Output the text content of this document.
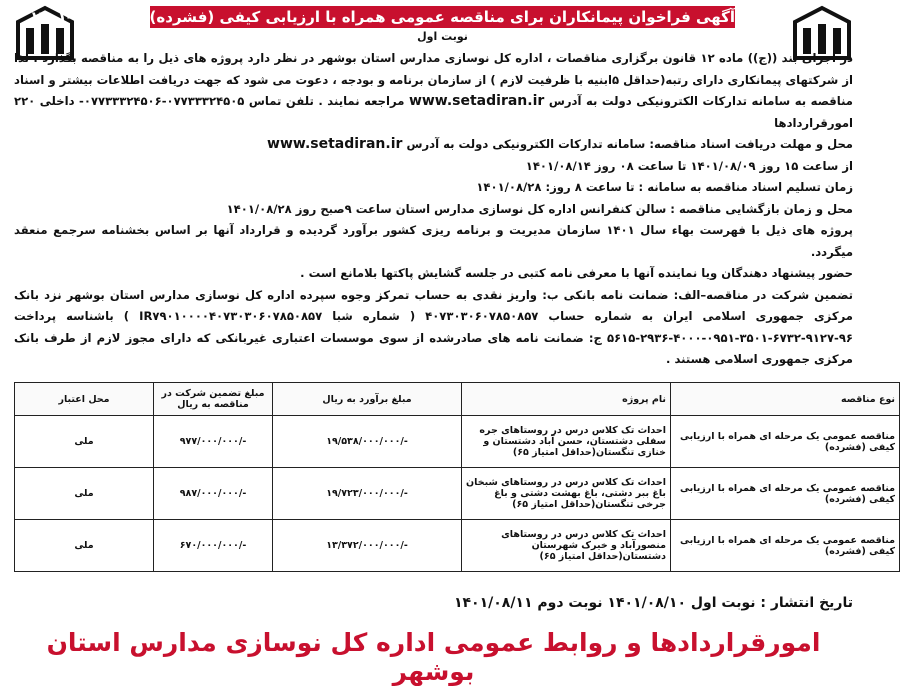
آگهی فراخوان پیمانکاران برای مناقصه عمومی همراه با ارزیابی کیفی (فشرده) شماره ۱۷-۱۴۰۱
نوبت اول

در اجرای بند ((ج)) ماده ۱۲ قانون برگزاری مناقصات ، اداره کل نوسازی مدارس استان بوشهر در نظر دارد پروژه های ذیل را به مناقصه بگذارد . لذا از شرکتهای پیمانکاری دارای رتبه(حداقل ۵ابنیه با ظرفیت لازم ) از سازمان برنامه و بودجه ، دعوت می شود که جهت دریافت اطلاعات بیشتر و اسناد مناقصه به سامانه تدارکات الکترونیکی دولت به آدرس www.setadiran.ir مراجعه نمایند . تلفن تماس ۰۷۷۳۳۳۲۴۵۰۵-۰۷۷۳۳۳۲۴۵۰۶- داخلی ۲۲۰ امورقراردادها

محل و مهلت دریافت اسناد مناقصه: سامانه تدارکات الکترونیکی دولت به آدرس www.setadiran.ir

از ساعت ۱۵ روز ۱۴۰۱/۰۸/۰۹ تا ساعت ۰۸ روز ۱۴۰۱/۰۸/۱۴

زمان تسلیم اسناد مناقصه به سامانه : تا ساعت ۸ روز: ۱۴۰۱/۰۸/۲۸

محل و زمان بازگشایی مناقصه : سالن کنفرانس اداره کل نوسازی مدارس استان ساعت ۹صبح روز ۱۴۰۱/۰۸/۲۸

پروژه های ذیل با فهرست بهاء سال ۱۴۰۱ سازمان مدیریت و برنامه ریزی کشور برآورد گردیده و قرارداد آنها بر اساس بخشنامه سرجمع منعقد میگردد.

حضور پیشنهاد دهندگان ویا نماینده آنها با معرفی نامه کتبی در جلسه گشایش پاکتها بلامانع است .

تضمین شرکت در مناقصه–الف: ضمانت نامه بانکی ب: واریز نقدی به حساب تمرکز وجوه سپرده اداره کل نوسازی مدارس استان بوشهر نزد بانک مرکزی جمهوری اسلامی ایران به شماره حساب ۴۰۷۳۰۳۰۶۰۷۸۵۰۸۵۷ ( شماره شبا IR۷۹۰۱۰۰۰۰۴۰۷۳۰۳۰۶۰۷۸۵۰۸۵۷ ) باشناسه پرداخت ۹۶-۹۱۲۷-۶۷۳۲-۳۵۰۱-۰۹۵۱-۴۰۰۰-۲۹۳۶-۵۶۱۵ ج: ضمانت نامه های صادرشده از سوی موسسات اعتباری غیربانکی که دارای مجوز لازم از طرف بانک مرکزی جمهوری اسلامی هستند .

نوع مناقصه	نام پروژه	مبلغ برآورد به ریال	مبلغ تضمین شرکت در مناقصه به ریال	محل اعتبار
مناقصه عمومی یک مرحله ای همراه با ارزیابی کیفی (فشرده)	احداث تک کلاس درس در روستاهای جره سفلی دشتستان، حسن آباد دشتستان و خنازی تنگستان(حداقل امتیاز ۶۵)	-/۱۹/۵۳۸/۰۰۰/۰۰۰	-/۹۷۷/۰۰۰/۰۰۰	ملی
مناقصه عمومی یک مرحله ای همراه با ارزیابی کیفی (فشرده)	احداث تک کلاس درس در روستاهای شبخان باغ ببر دشتی، باغ بهشت دشتی و باغ جرخی تنگستان(حداقل امتیاز ۶۵)	-/۱۹/۷۲۳/۰۰۰/۰۰۰	-/۹۸۷/۰۰۰/۰۰۰	ملی
مناقصه عمومی یک مرحله ای همراه با ارزیابی کیفی (فشرده)	احداث تک کلاس درس در روستاهای منصورآباد و خیرک شهرستان دشتستان(حداقل امتیاز ۶۵)	-/۱۳/۳۷۲/۰۰۰/۰۰۰	-/۶۷۰/۰۰۰/۰۰۰	ملی
تاریخ انتشار : نوبت اول ۱۴۰۱/۰۸/۱۰ نوبت دوم ۱۴۰۱/۰۸/۱۱
امورقراردادها و روابط عمومی اداره کل نوسازی مدارس استان بوشهر
